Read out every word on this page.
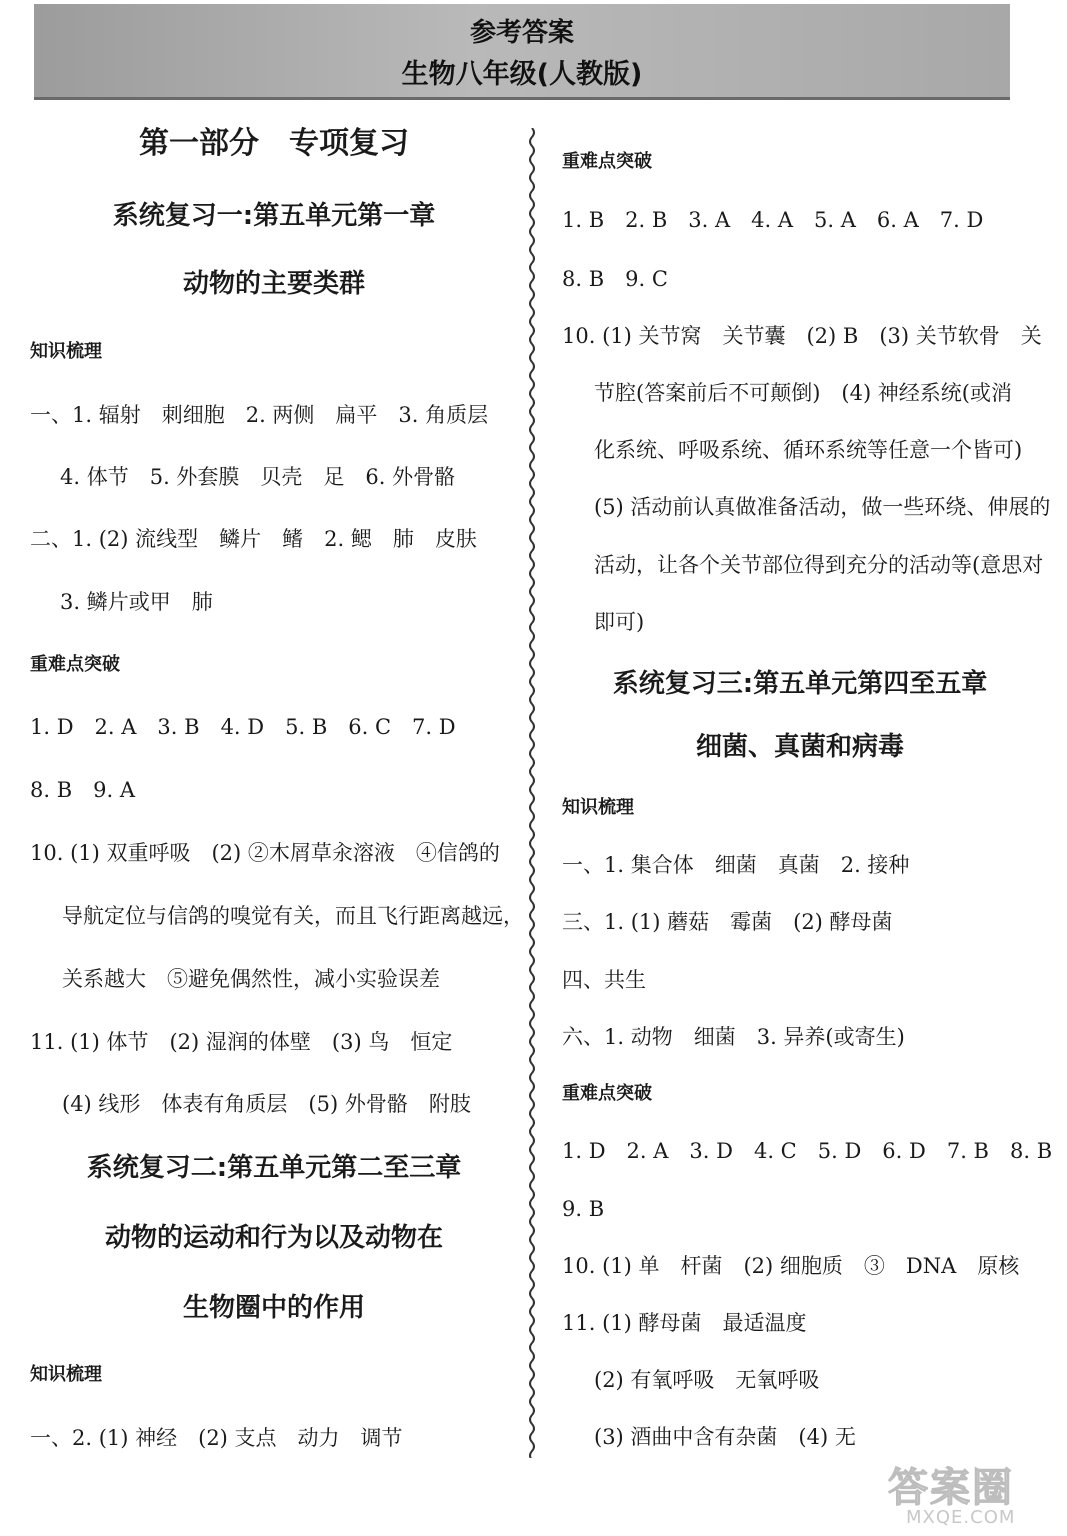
参考答案
生物八年级(人教版)
第一部分　专项复习
系统复习一:第五单元第一章
动物的主要类群
知识梳理
一、1. 辐射　刺细胞　2. 两侧　扁平　3. 角质层
4. 体节　5. 外套膜　贝壳　足　6. 外骨骼
二、1. (2) 流线型　鳞片　鳍　2. 鳃　肺　皮肤
3. 鳞片或甲　肺
重难点突破
1. D　2. A　3. B　4. D　5. B　6. C　7. D
8. B　9. A
10. (1) 双重呼吸　(2) ②木屑草汆溶液　④信鸽的
导航定位与信鸽的嗅觉有关，而且飞行距离越远，
关系越大　⑤避免偶然性，减小实验误差
11. (1) 体节　(2) 湿润的体壁　(3) 鸟　恒定
(4) 线形　体表有角质层　(5) 外骨骼　附肢
系统复习二:第五单元第二至三章
动物的运动和行为以及动物在
生物圈中的作用
知识梳理
一、2. (1) 神经　(2) 支点　动力　调节
重难点突破
1. B　2. B　3. A　4. A　5. A　6. A　7. D
8. B　9. C
10. (1) 关节窝　关节囊　(2) B　(3) 关节软骨　关
节腔(答案前后不可颠倒)　(4) 神经系统(或消
化系统、呼吸系统、循环系统等任意一个皆可)
(5) 活动前认真做准备活动，做一些环绕、伸展的
活动，让各个关节部位得到充分的活动等(意思对
即可)
系统复习三:第五单元第四至五章
细菌、真菌和病毒
知识梳理
一、1. 集合体　细菌　真菌　2. 接种
三、1. (1) 蘑菇　霉菌　(2) 酵母菌
四、共生
六、1. 动物　细菌　3. 异养(或寄生)
重难点突破
1. D　2. A　3. D　4. C　5. D　6. D　7. B　8. B
9. B
10. (1) 单　杆菌　(2) 细胞质　③　DNA　原核
11. (1) 酵母菌　最适温度
(2) 有氧呼吸　无氧呼吸
(3) 酒曲中含有杂菌　(4) 无
答案圈
MXQE.COM
